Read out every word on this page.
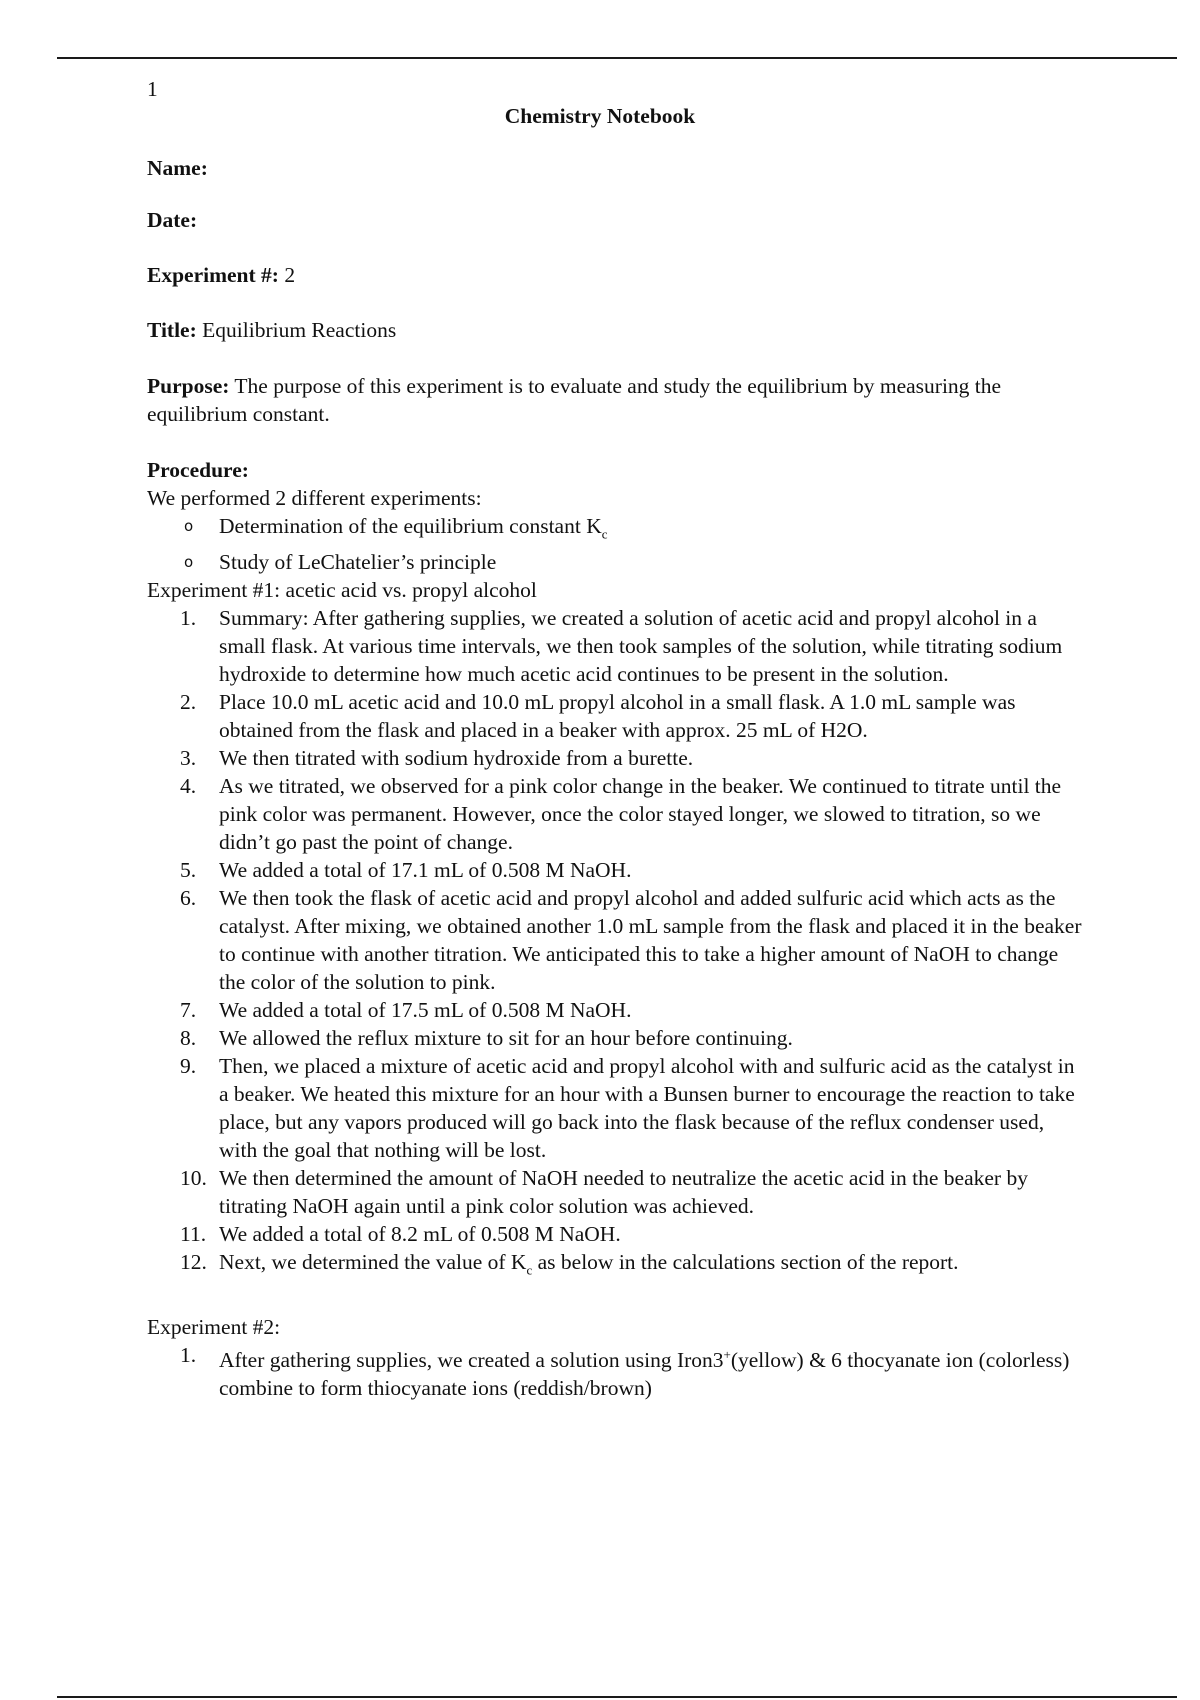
1
Chemistry Notebook

Name:

Date:

Experiment #: 2

Title: Equilibrium Reactions

Purpose: The purpose of this experiment is to evaluate and study the equilibrium by measuring the equilibrium constant.

Procedure:

We performed 2 different experiments:

o Determination of the equilibrium constant $K_c$
o Study of LeChatelier’s principle

Experiment #1: acetic acid vs. propyl alcohol

1. Summary: After gathering supplies, we created a solution of acetic acid and propyl alcohol in a small flask. At various time intervals, we then took samples of the solution, while titrating sodium hydroxide to determine how much acetic acid continues to be present in the solution.
2. Place 10.0 mL acetic acid and 10.0 mL propyl alcohol in a small flask. A 1.0 mL sample was obtained from the flask and placed in a beaker with approx. 25 mL of H2O.
3. We then titrated with sodium hydroxide from a burette.
4. As we titrated, we observed for a pink color change in the beaker. We continued to titrate until the pink color was permanent. However, once the color stayed longer, we slowed to titration, so we didn’t go past the point of change.
5. We added a total of 17.1 mL of 0.508 M NaOH.
6. We then took the flask of acetic acid and propyl alcohol and added sulfuric acid which acts as the catalyst. After mixing, we obtained another 1.0 mL sample from the flask and placed it in the beaker to continue with another titration. We anticipated this to take a higher amount of NaOH to change the color of the solution to pink.
7. We added a total of 17.5 mL of 0.508 M NaOH.
8. We allowed the reflux mixture to sit for an hour before continuing.
9. Then, we placed a mixture of acetic acid and propyl alcohol with and sulfuric acid as the catalyst in a beaker. We heated this mixture for an hour with a Bunsen burner to encourage the reaction to take place, but any vapors produced will go back into the flask because of the reflux condenser used, with the goal that nothing will be lost.
10. We then determined the amount of NaOH needed to neutralize the acetic acid in the beaker by titrating NaOH again until a pink color solution was achieved.
11. We added a total of 8.2 mL of 0.508 M NaOH.
12. Next, we determined the value of $K_c$ as below in the calculations section of the report.

Experiment #2:

1. After gathering supplies, we created a solution using Iron3+(yellow) & 6 thocyanate ion (colorless) combine to form thiocyanate ions (reddish/brown)
